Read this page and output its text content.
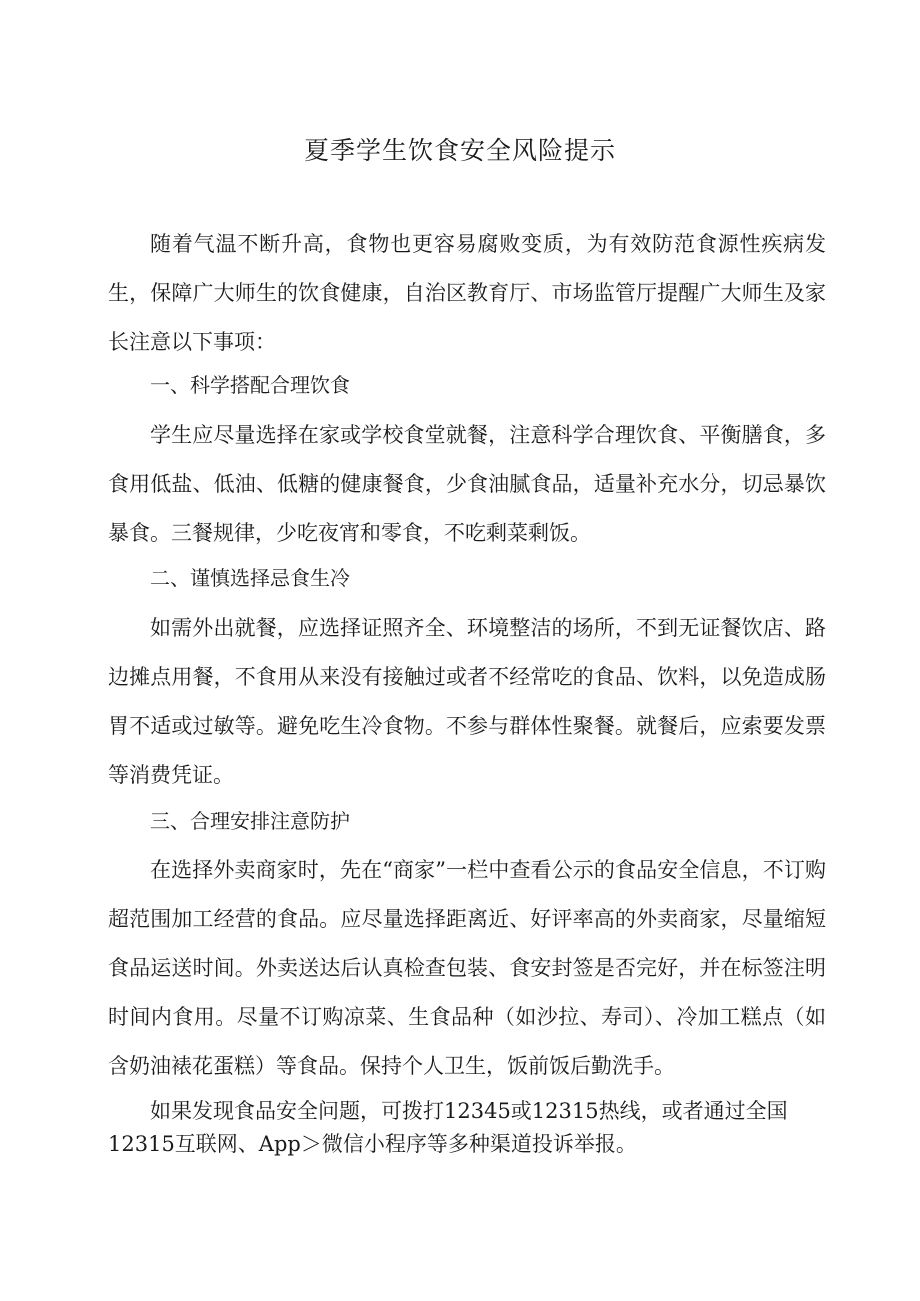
夏季学生饮食安全风险提示

随着气温不断升高，食物也更容易腐败变质，为有效防范食源性疾病发生，保障广大师生的饮食健康，自治区教育厅、市场监管厅提醒广大师生及家长注意以下事项：

一、科学搭配合理饮食

学生应尽量选择在家或学校食堂就餐，注意科学合理饮食、平衡膳食，多食用低盐、低油、低糖的健康餐食，少食油腻食品，适量补充水分，切忌暴饮暴食。三餐规律，少吃夜宵和零食，不吃剩菜剩饭。

二、谨慎选择忌食生冷

如需外出就餐，应选择证照齐全、环境整洁的场所，不到无证餐饮店、路边摊点用餐，不食用从来没有接触过或者不经常吃的食品、饮料，以免造成肠胃不适或过敏等。避免吃生冷食物。不参与群体性聚餐。就餐后，应索要发票等消费凭证。

三、合理安排注意防护

在选择外卖商家时，先在“商家”一栏中查看公示的食品安全信息，不订购超范围加工经营的食品。应尽量选择距离近、好评率高的外卖商家，尽量缩短食品运送时间。外卖送达后认真检查包装、食安封签是否完好，并在标签注明时间内食用。尽量不订购凉菜、生食品种（如沙拉、寿司）、冷加工糕点（如含奶油裱花蛋糕）等食品。保持个人卫生，饭前饭后勤洗手。

如果发现食品安全问题，可拨打12345或12315热线，或者通过全国

12315互联网、App＞微信小程序等多种渠道投诉举报。
